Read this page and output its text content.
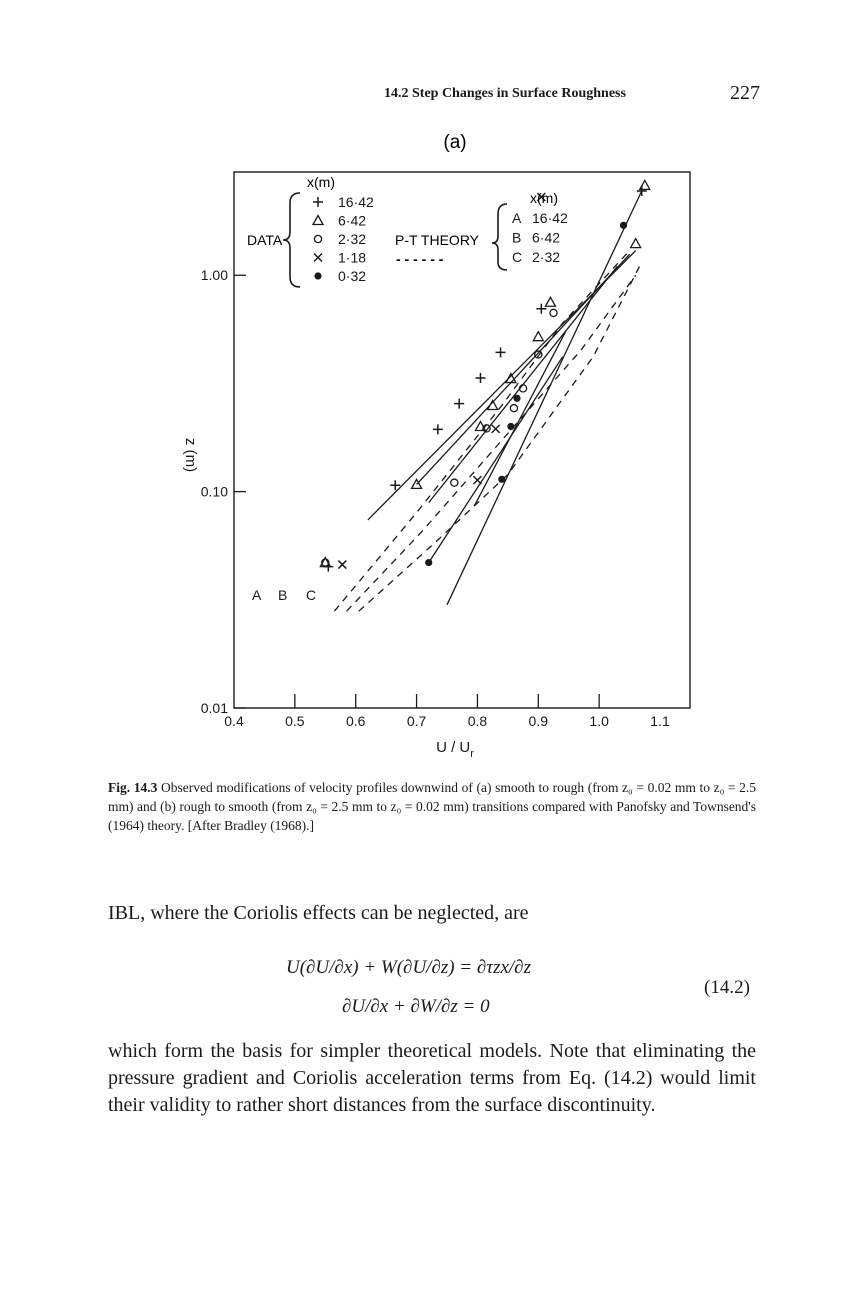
14.2 Step Changes in Surface Roughness	227
(a)
0.4	0.5	0.6	0.7	0.8	0.9	1.0	1.1
0.01
0.10
1.00
U / $U_r$
z (m)
x(m)
DATA
16·42
6·42
2·32
1·18
0·32
x(m)
P-T THEORY
- - - - - -
A 16·42
B 6·42
C 2·32
A B C
Fig. 14.3 Observed modifications of velocity profiles downwind of (a) smooth to rough (from z₀ = 0.02 mm to z₀ = 2.5 mm) and (b) rough to smooth (from z₀ = 2.5 mm to z₀ = 0.02 mm) transitions compared with Panofsky and Townsend's (1964) theory. [After Bradley (1968).]
IBL, where the Coriolis effects can be neglected, are
U(∂U/∂x) + W(∂U/∂z) = ∂τzx/∂z
∂U/∂x + ∂W/∂z = 0
(14.2)
which form the basis for simpler theoretical models. Note that eliminating the pressure gradient and Coriolis acceleration terms from Eq. (14.2) would limit their validity to rather short distances from the surface discontinuity.
